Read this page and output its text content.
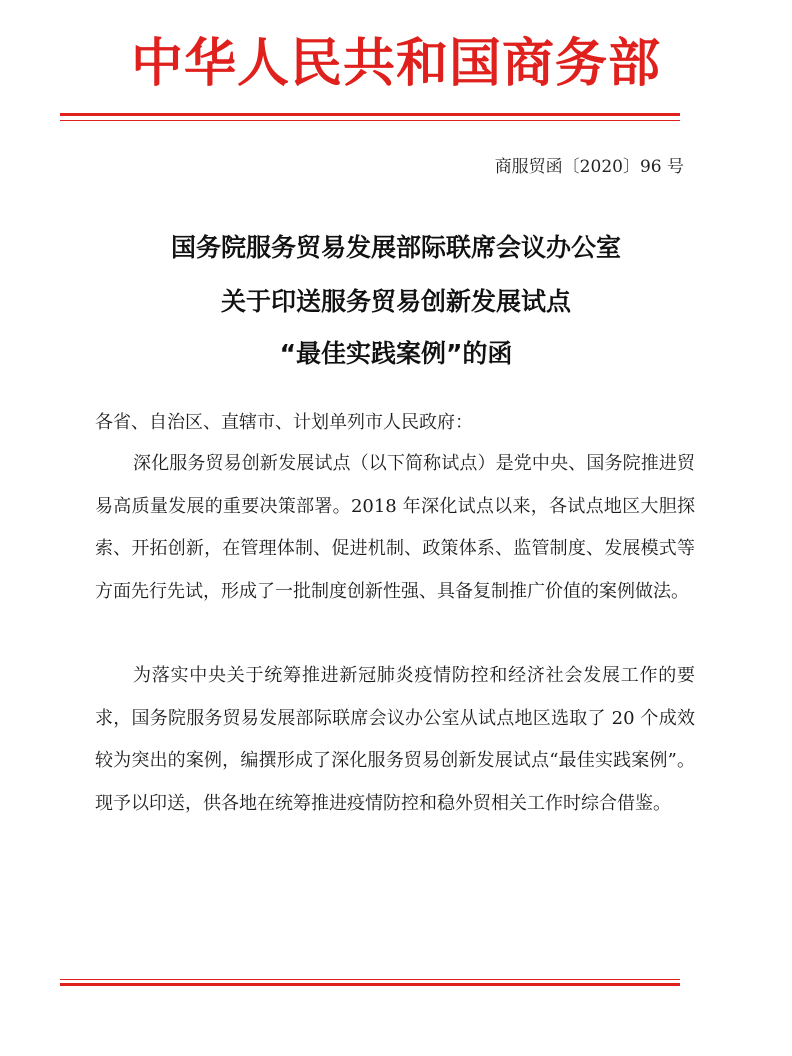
中华人民共和国商务部
商服贸函〔2020〕96 号
国务院服务贸易发展部际联席会议办公室
关于印送服务贸易创新发展试点
“最佳实践案例”的函
各省、自治区、直辖市、计划单列市人民政府：

深化服务贸易创新发展试点（以下简称试点）是党中央、国务院推进贸易高质量发展的重要决策部署。2018 年深化试点以来，各试点地区大胆探索、开拓创新，在管理体制、促进机制、政策体系、监管制度、发展模式等方面先行先试，形成了一批制度创新性强、具备复制推广价值的案例做法。

为落实中央关于统筹推进新冠肺炎疫情防控和经济社会发展工作的要求，国务院服务贸易发展部际联席会议办公室从试点地区选取了 20 个成效较为突出的案例，编撰形成了深化服务贸易创新发展试点“最佳实践案例”。现予以印送，供各地在统筹推进疫情防控和稳外贸相关工作时综合借鉴。
